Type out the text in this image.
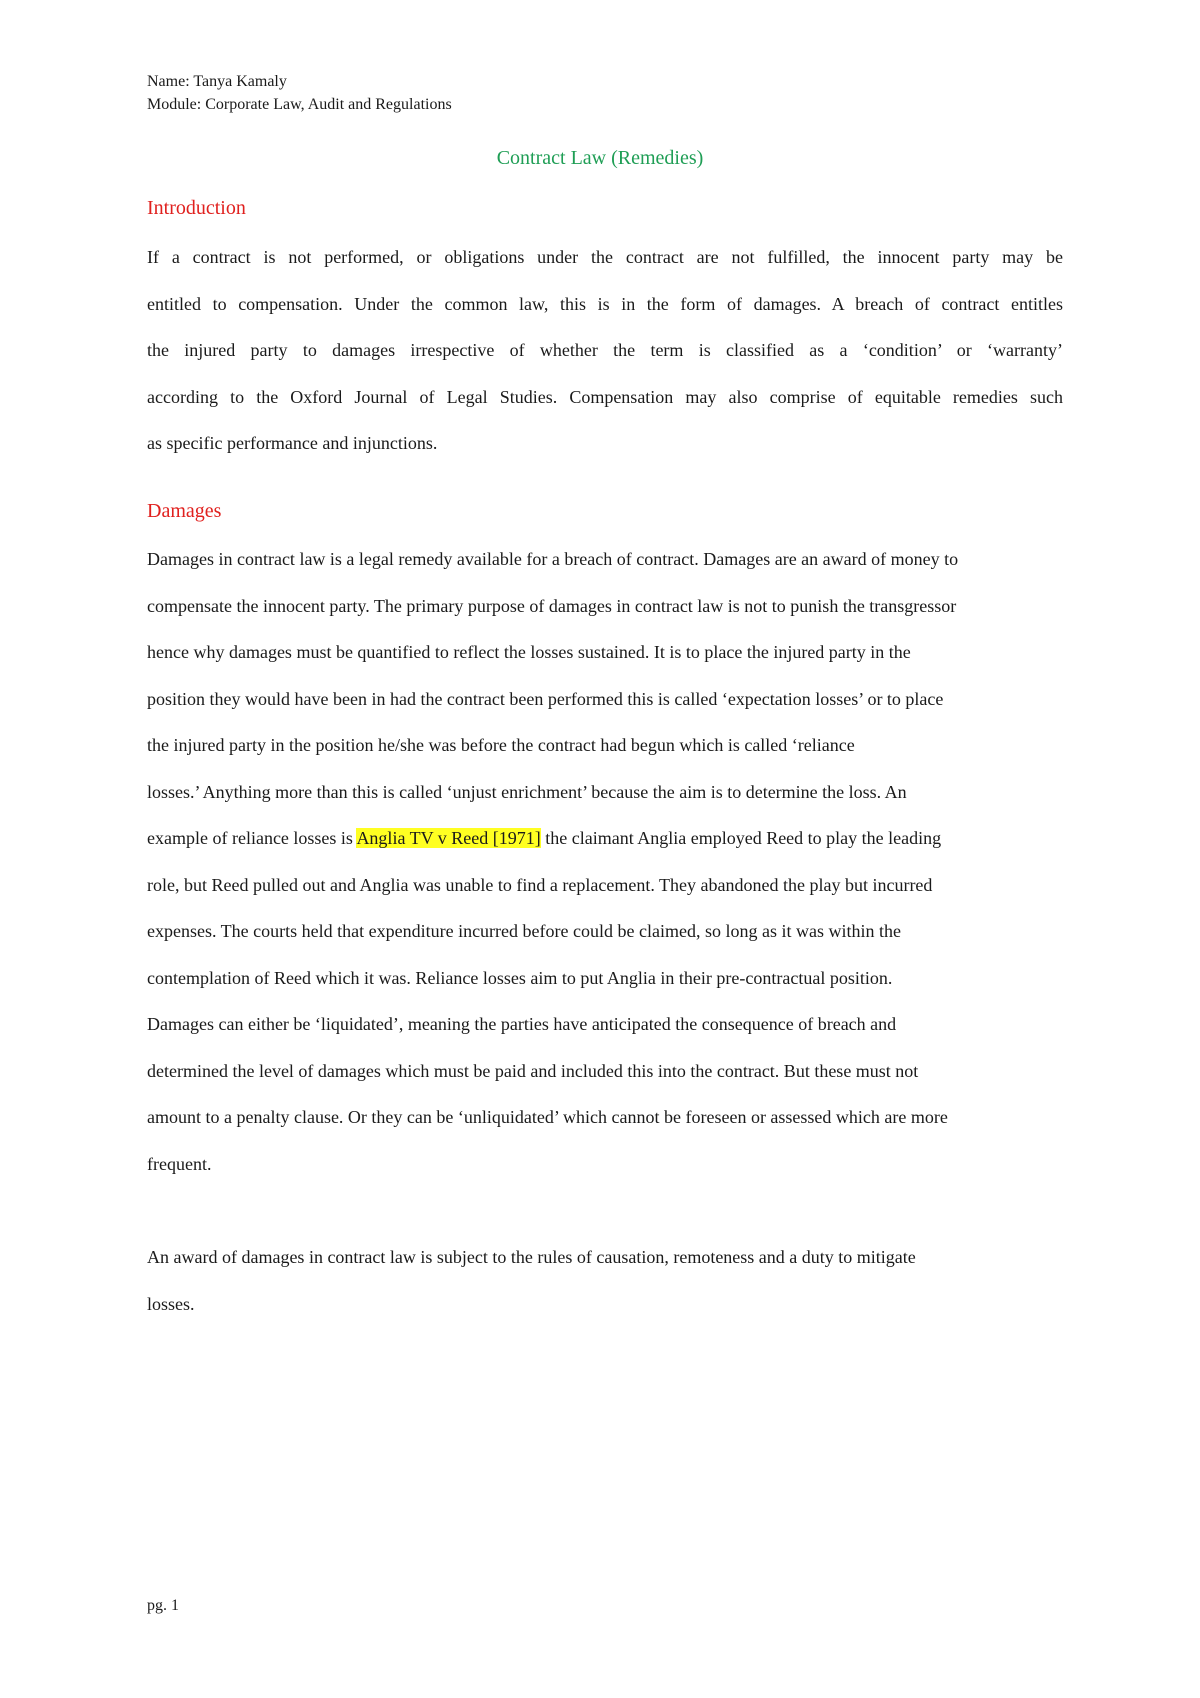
Name: Tanya Kamaly
Module: Corporate Law, Audit and Regulations
Contract Law (Remedies)
Introduction
If a contract is not performed, or obligations under the contract are not fulfilled, the innocent party may be
entitled to compensation. Under the common law, this is in the form of damages. A breach of contract entitles
the injured party to damages irrespective of whether the term is classified as a ‘condition’ or ‘warranty’
according to the Oxford Journal of Legal Studies. Compensation may also comprise of equitable remedies such
as specific performance and injunctions.
Damages
Damages in contract law is a legal remedy available for a breach of contract. Damages are an award of money to
compensate the innocent party. The primary purpose of damages in contract law is not to punish the transgressor
hence why damages must be quantified to reflect the losses sustained. It is to place the injured party in the
position they would have been in had the contract been performed this is called ‘expectation losses’ or to place
the injured party in the position he/she was before the contract had begun which is called ‘reliance
losses.’ Anything more than this is called ‘unjust enrichment’ because the aim is to determine the loss. An
example of reliance losses is Anglia TV v Reed [1971] the claimant Anglia employed Reed to play the leading
role, but Reed pulled out and Anglia was unable to find a replacement. They abandoned the play but incurred
expenses. The courts held that expenditure incurred before could be claimed, so long as it was within the
contemplation of Reed which it was. Reliance losses aim to put Anglia in their pre-contractual position.
Damages can either be ‘liquidated’, meaning the parties have anticipated the consequence of breach and
determined the level of damages which must be paid and included this into the contract. But these must not
amount to a penalty clause. Or they can be ‘unliquidated’ which cannot be foreseen or assessed which are more
frequent.
An award of damages in contract law is subject to the rules of causation, remoteness and a duty to mitigate
losses.
pg. 1
